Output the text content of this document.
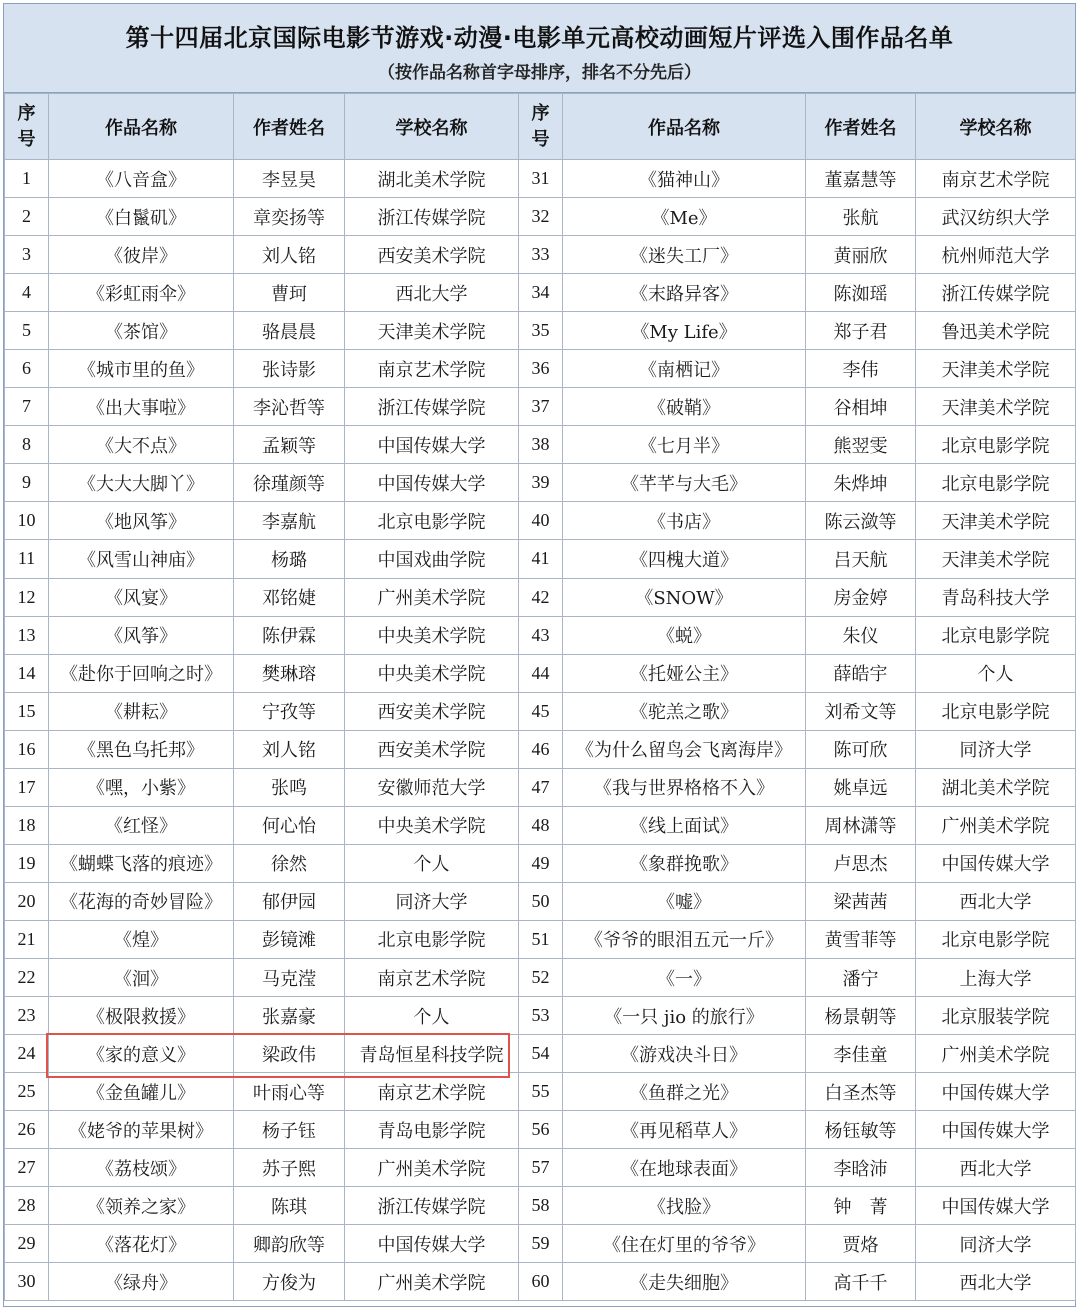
第十四届北京国际电影节游戏·动漫·电影单元高校动画短片评选入围作品名单
（按作品名称首字母排序，排名不分先后）
序
号	作品名称	作者姓名	学校名称	序
号	作品名称	作者姓名	学校名称
1	《八音盒》	李昱昊	湖北美术学院	31	《猫神山》	董嘉慧等	南京艺术学院
2	《白鬣矶》	章奕扬等	浙江传媒学院	32	《Me》	张航	武汉纺织大学
3	《彼岸》	刘人铭	西安美术学院	33	《迷失工厂》	黄丽欣	杭州师范大学
4	《彩虹雨伞》	曹珂	西北大学	34	《末路异客》	陈洳瑶	浙江传媒学院
5	《茶馆》	骆晨晨	天津美术学院	35	《My Life》	郑子君	鲁迅美术学院
6	《城市里的鱼》	张诗影	南京艺术学院	36	《南栖记》	李伟	天津美术学院
7	《出大事啦》	李沁哲等	浙江传媒学院	37	《破鞘》	谷相坤	天津美术学院
8	《大不点》	孟颖等	中国传媒大学	38	《七月半》	熊翌雯	北京电影学院
9	《大大大脚丫》	徐瑾颜等	中国传媒大学	39	《芊芊与大毛》	朱烨坤	北京电影学院
10	《地风筝》	李嘉航	北京电影学院	40	《书店》	陈云潋等	天津美术学院
11	《风雪山神庙》	杨璐	中国戏曲学院	41	《四槐大道》	吕天航	天津美术学院
12	《风宴》	邓铭婕	广州美术学院	42	《SNOW》	房金婷	青岛科技大学
13	《风筝》	陈伊霖	中央美术学院	43	《蜕》	朱仪	北京电影学院
14	《赴你于回响之时》	樊琳瑢	中央美术学院	44	《托娅公主》	薛皓宇	个人
15	《耕耘》	宁孜等	西安美术学院	45	《驼羔之歌》	刘希文等	北京电影学院
16	《黑色乌托邦》	刘人铭	西安美术学院	46	《为什么留鸟会飞离海岸》	陈可欣	同济大学
17	《嘿，小紫》	张鸣	安徽师范大学	47	《我与世界格格不入》	姚卓远	湖北美术学院
18	《红怪》	何心怡	中央美术学院	48	《线上面试》	周林潇等	广州美术学院
19	《蝴蝶飞落的痕迹》	徐然	个人	49	《象群挽歌》	卢思杰	中国传媒大学
20	《花海的奇妙冒险》	郁伊园	同济大学	50	《嘘》	梁茜茜	西北大学
21	《煌》	彭镜滩	北京电影学院	51	《爷爷的眼泪五元一斤》	黄雪菲等	北京电影学院
22	《洄》	马克滢	南京艺术学院	52	《一》	潘宁	上海大学
23	《极限救援》	张嘉豪	个人	53	《一只 jio 的旅行》	杨景朝等	北京服装学院
24	《家的意义》	梁政伟	青岛恒星科技学院	54	《游戏决斗日》	李佳童	广州美术学院
25	《金鱼罐儿》	叶雨心等	南京艺术学院	55	《鱼群之光》	白圣杰等	中国传媒大学
26	《姥爷的苹果树》	杨子钰	青岛电影学院	56	《再见稻草人》	杨钰敏等	中国传媒大学
27	《荔枝颂》	苏子熙	广州美术学院	57	《在地球表面》	李晗沛	西北大学
28	《领养之家》	陈琪	浙江传媒学院	58	《找脸》	钟　菁	中国传媒大学
29	《落花灯》	卿韵欣等	中国传媒大学	59	《住在灯里的爷爷》	贾烙	同济大学
30	《绿舟》	方俊为	广州美术学院	60	《走失细胞》	高千千	西北大学
